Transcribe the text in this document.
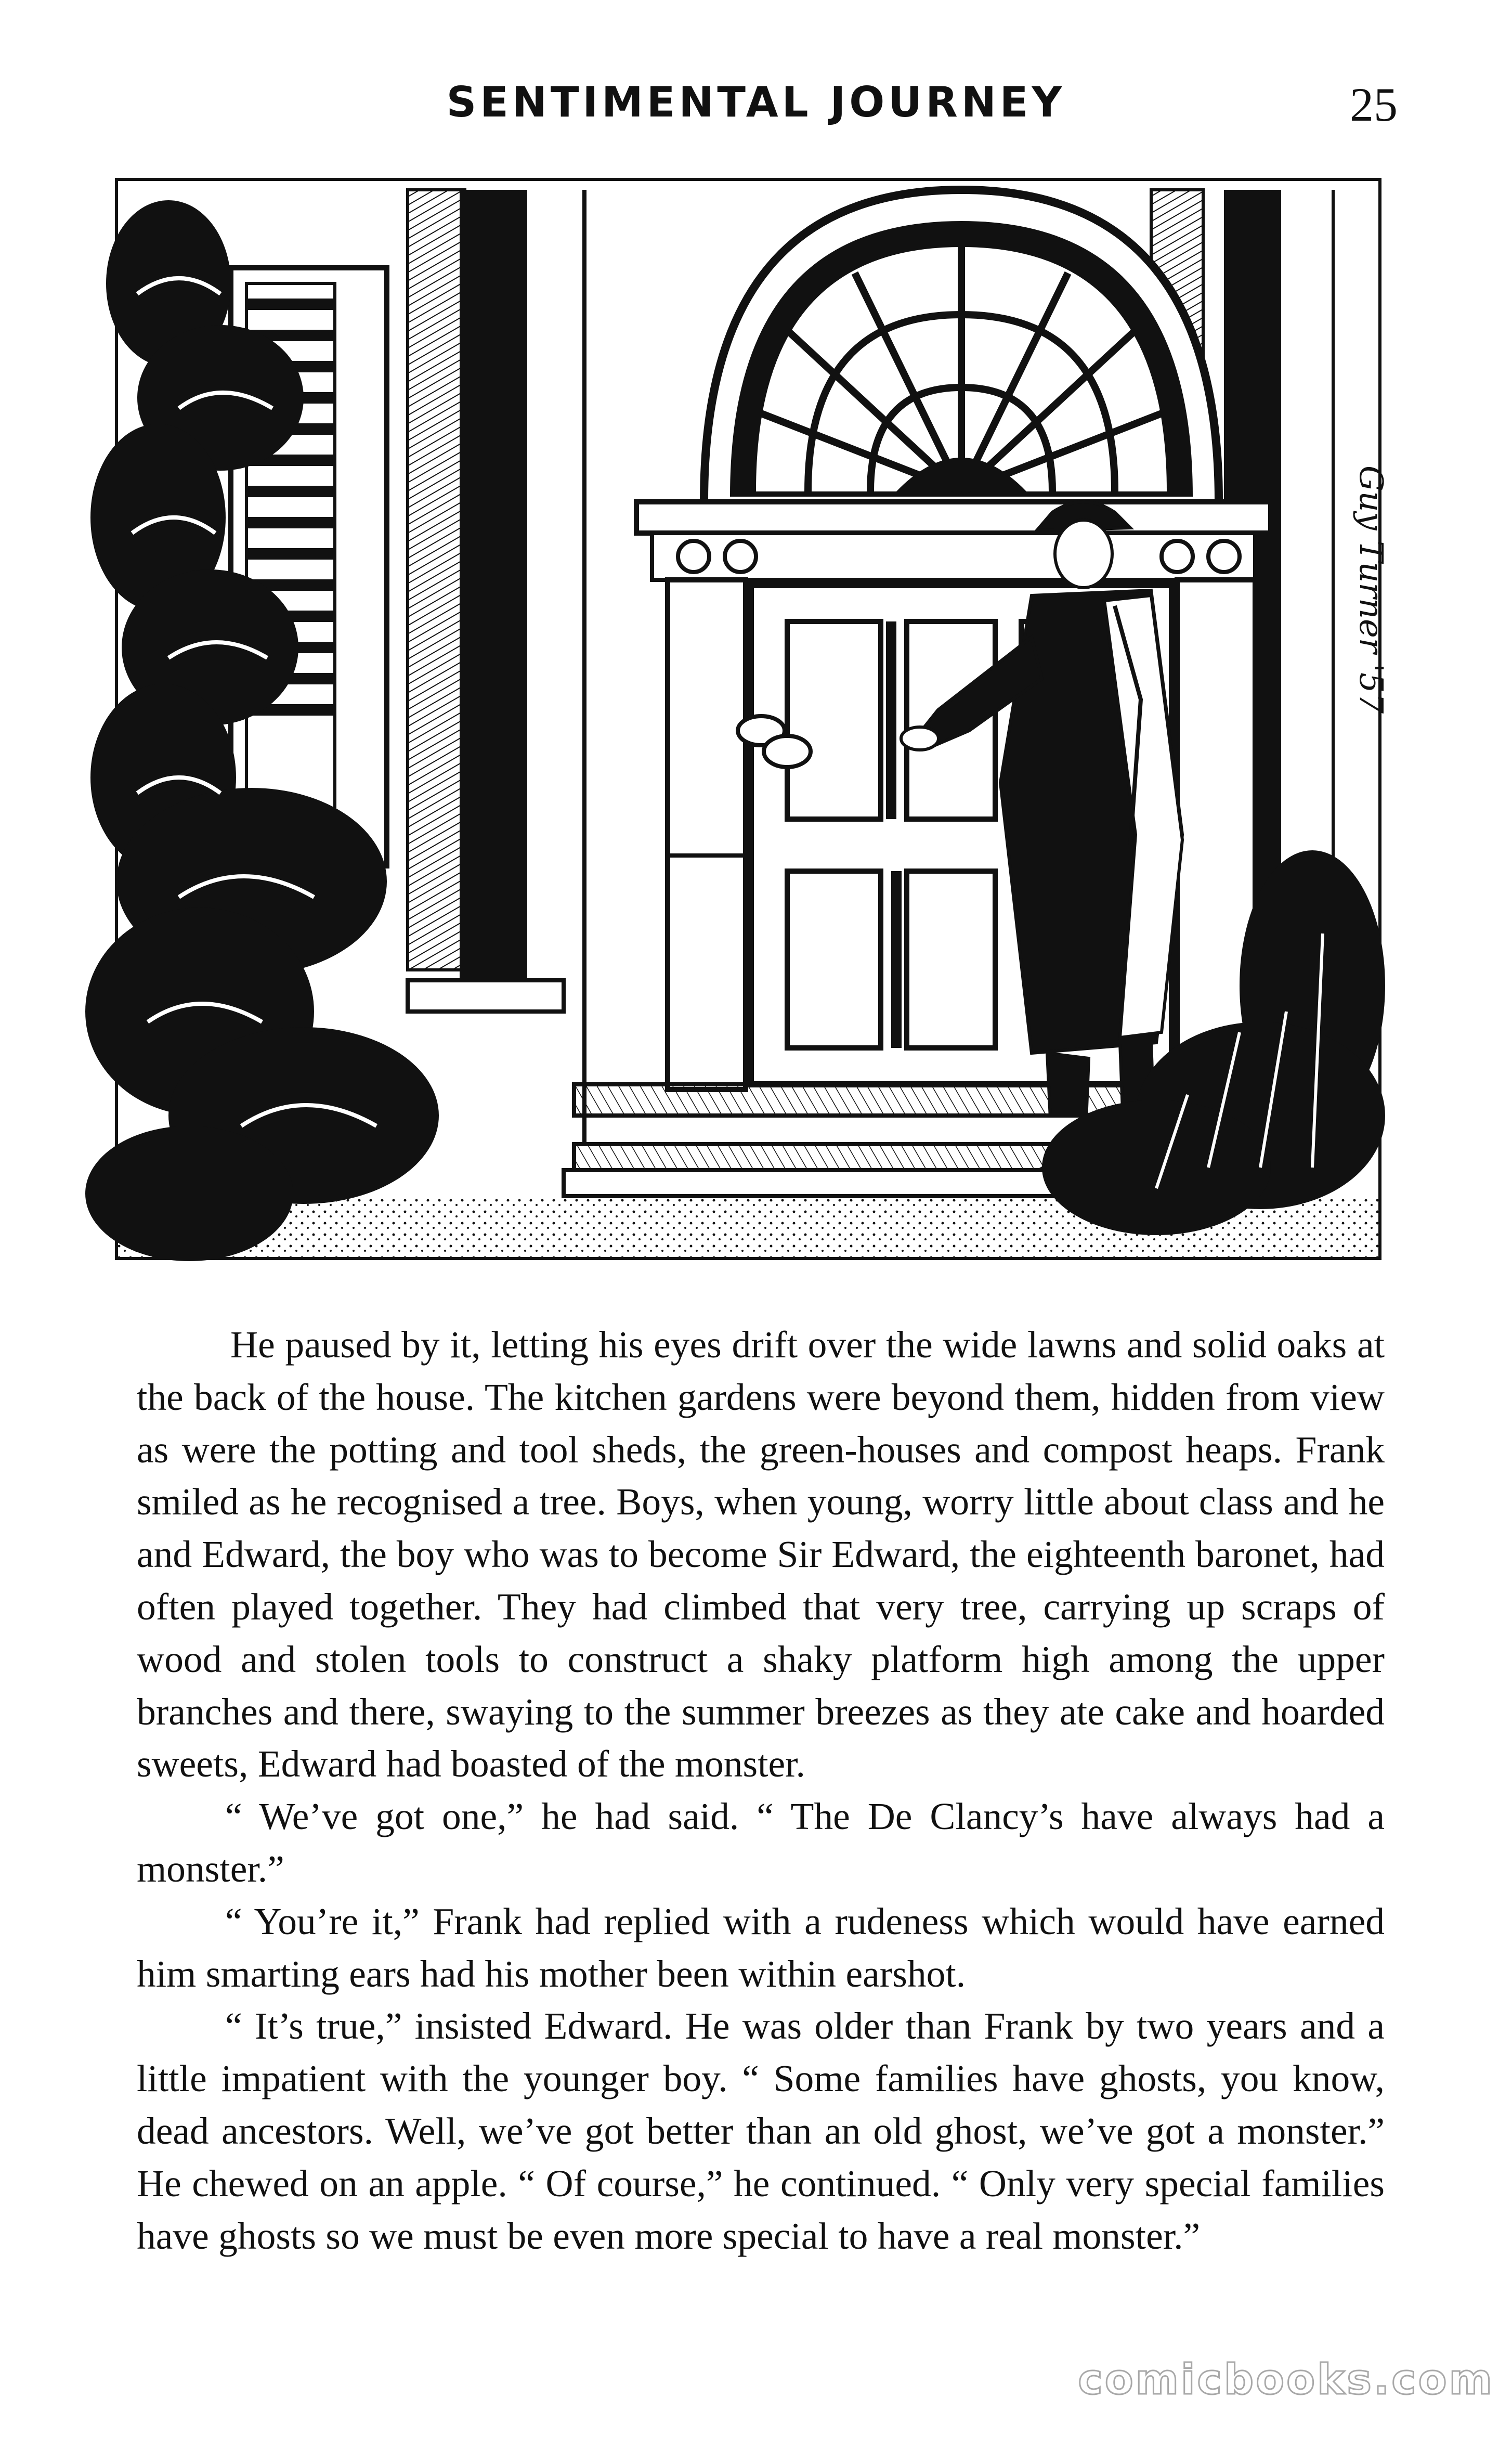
SENTIMENTAL JOURNEY	25
Guy Turner '57

He paused by it, letting his eyes drift over the wide lawns and solid oaks at the back of the house. The kitchen gardens were beyond them, hidden from view as were the potting and tool sheds, the green-houses and compost heaps. Frank smiled as he recognised a tree. Boys, when young, worry little about class and he and Edward, the boy who was to become Sir Edward, the eighteenth baronet, had often played together. They had climbed that very tree, carrying up scraps of wood and stolen tools to construct a shaky platform high among the upper branches and there, swaying to the summer breezes as they ate cake and hoarded sweets, Edward had boasted of the monster.

“ We’ve got one,” he had said. “ The De Clancy’s have always had a monster.”

“ You’re it,” Frank had replied with a rudeness which would have earned him smarting ears had his mother been within earshot.

“ It’s true,” insisted Edward. He was older than Frank by two years and a little impatient with the younger boy. “ Some families have ghosts, you know, dead ancestors. Well, we’ve got better than an old ghost, we’ve got a monster.” He chewed on an apple. “ Of course,” he continued. “ Only very special families have ghosts so we must be even more special to have a real monster.”

comicbooks.com
